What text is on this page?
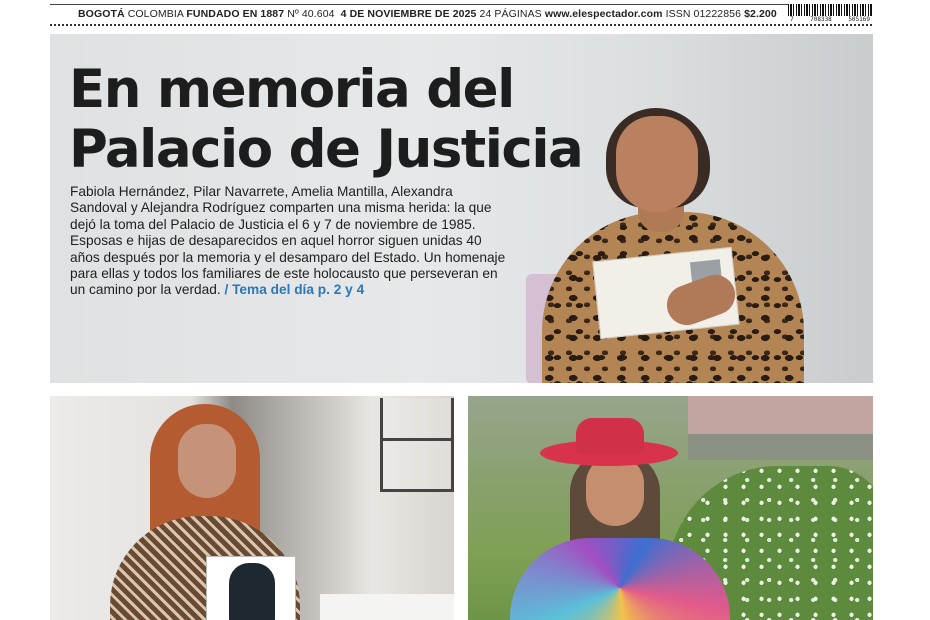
BOGOTÁ COLOMBIA FUNDADO EN 1887 Nº 40.604 4 DE NOVIEMBRE DE 2025 24 PÁGINAS www.elespectador.com ISSN 01222856 $2.200 7	708338	505169
En memoria del
Palacio de Justicia

Fabiola Hernández, Pilar Navarrete, Amelia Mantilla, Alexandra Sandoval y Alejandra Rodríguez comparten una misma herida: la que dejó la toma del Palacio de Justicia el 6 y 7 de noviembre de 1985. Esposas e hijas de desaparecidos en aquel horror siguen unidas 40 años después por la memoria y el desamparo del Estado. Un homenaje para ellas y todos los familiares de este holocausto que perseveran en un camino por la verdad. / Tema del día p. 2 y 4
